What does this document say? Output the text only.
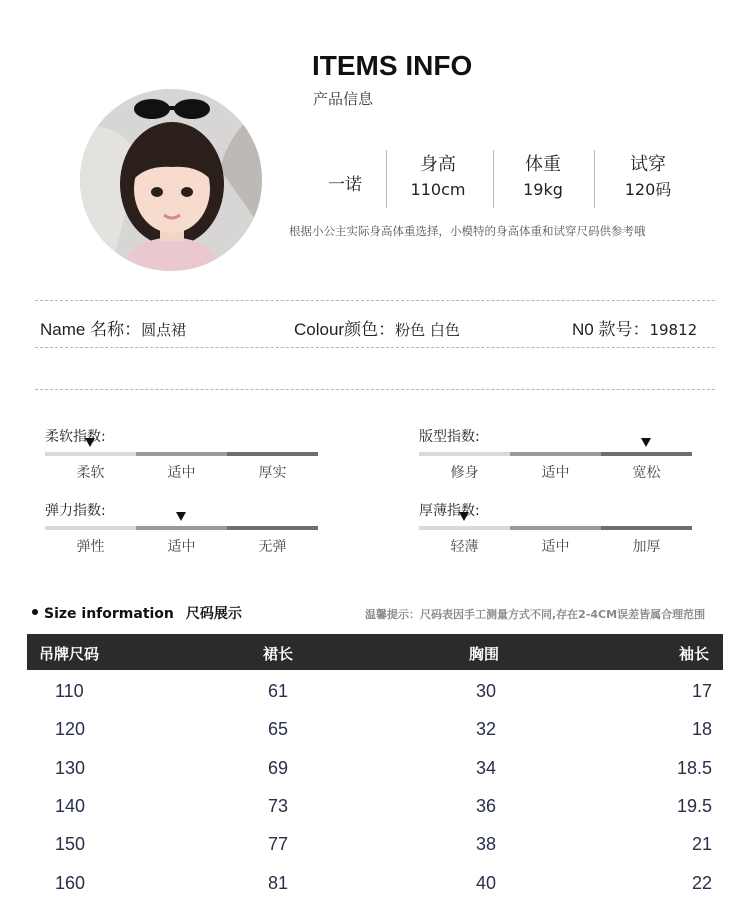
ITEMS INFO
产品信息
一诺
身高
110cm
体重
19kg
试穿
120码
根据小公主实际身高体重选择，小模特的身高体重和试穿尺码供参考哦
Name 名称：圆点裙	Colour颜色：粉色 白色	N0 款号：19812
柔软指数:
柔软	适中	厚实
版型指数:
修身	适中	宽松
弹力指数:
弹性	适中	无弹
厚薄指数:
轻薄	适中	加厚
Size information 尺码展示	温馨提示：尺码表因手工测量方式不同,存在2-4CM误差皆属合理范围
吊牌尺码	裙长	胸围	袖长
110	61	30	17
120	65	32	18
130	69	34	18.5
140	73	36	19.5
150	77	38	21
160	81	40	22
